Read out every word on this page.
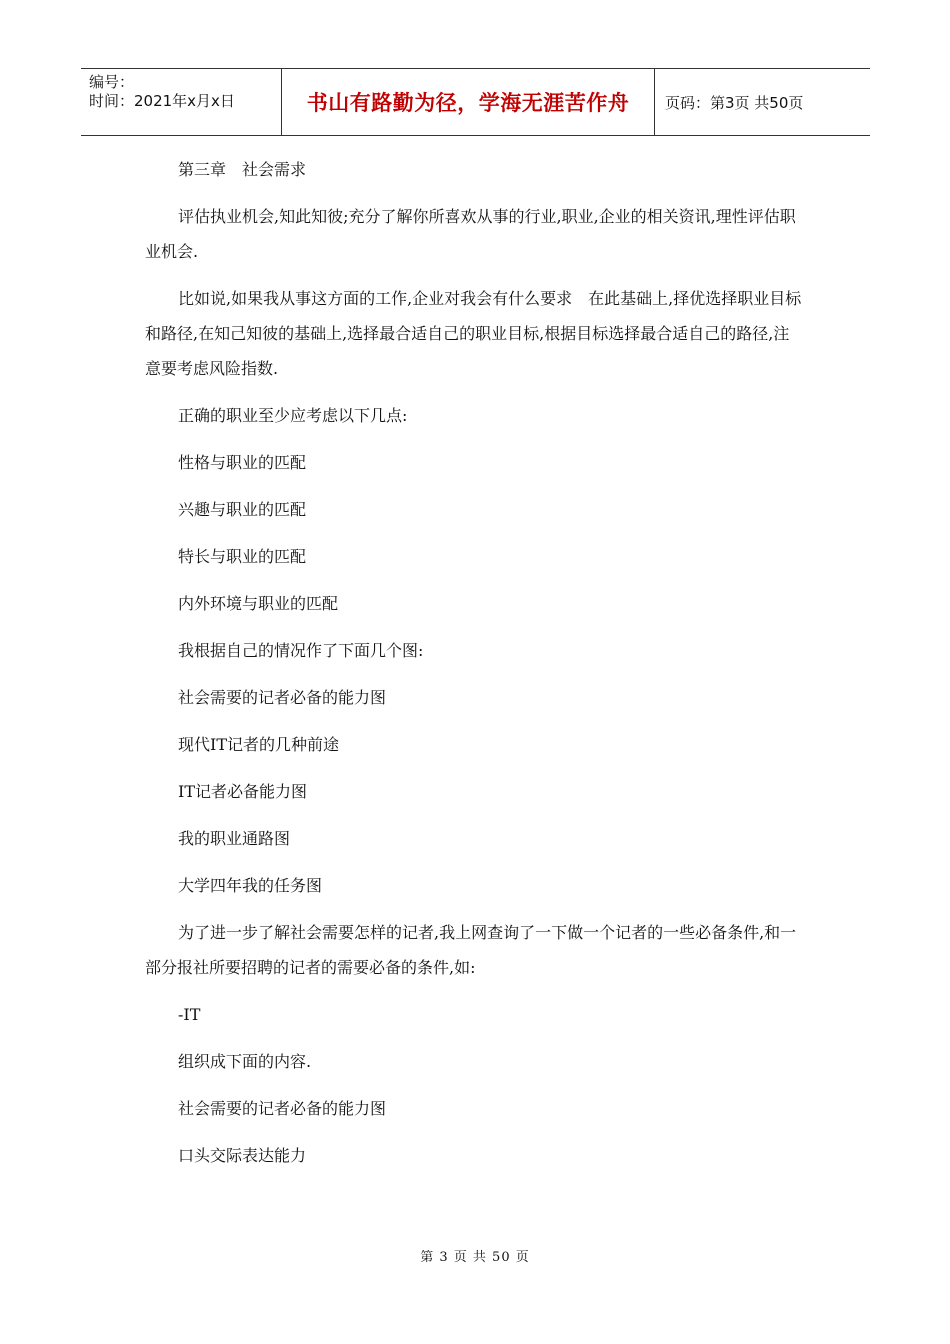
编号：
时间：2021年x月x日	书山有路勤为径，学海无涯苦作舟	页码：第3页 共50页

第三章　社会需求

评估执业机会,知此知彼;充分了解你所喜欢从事的行业,职业,企业的相关资讯,理性评估职业机会.

比如说,如果我从事这方面的工作,企业对我会有什么要求　在此基础上,择优选择职业目标和路径,在知己知彼的基础上,选择最合适自己的职业目标,根据目标选择最合适自己的路径,注意要考虑风险指数.

正确的职业至少应考虑以下几点:

性格与职业的匹配

兴趣与职业的匹配

特长与职业的匹配

内外环境与职业的匹配

我根据自己的情况作了下面几个图:

社会需要的记者必备的能力图

现代IT记者的几种前途

IT记者必备能力图

我的职业通路图

大学四年我的任务图

为了进一步了解社会需要怎样的记者,我上网查询了一下做一个记者的一些必备条件,和一部分报社所要招聘的记者的需要必备的条件,如:

-IT

组织成下面的内容.

社会需要的记者必备的能力图

口头交际表达能力

第 3 页 共 50 页
